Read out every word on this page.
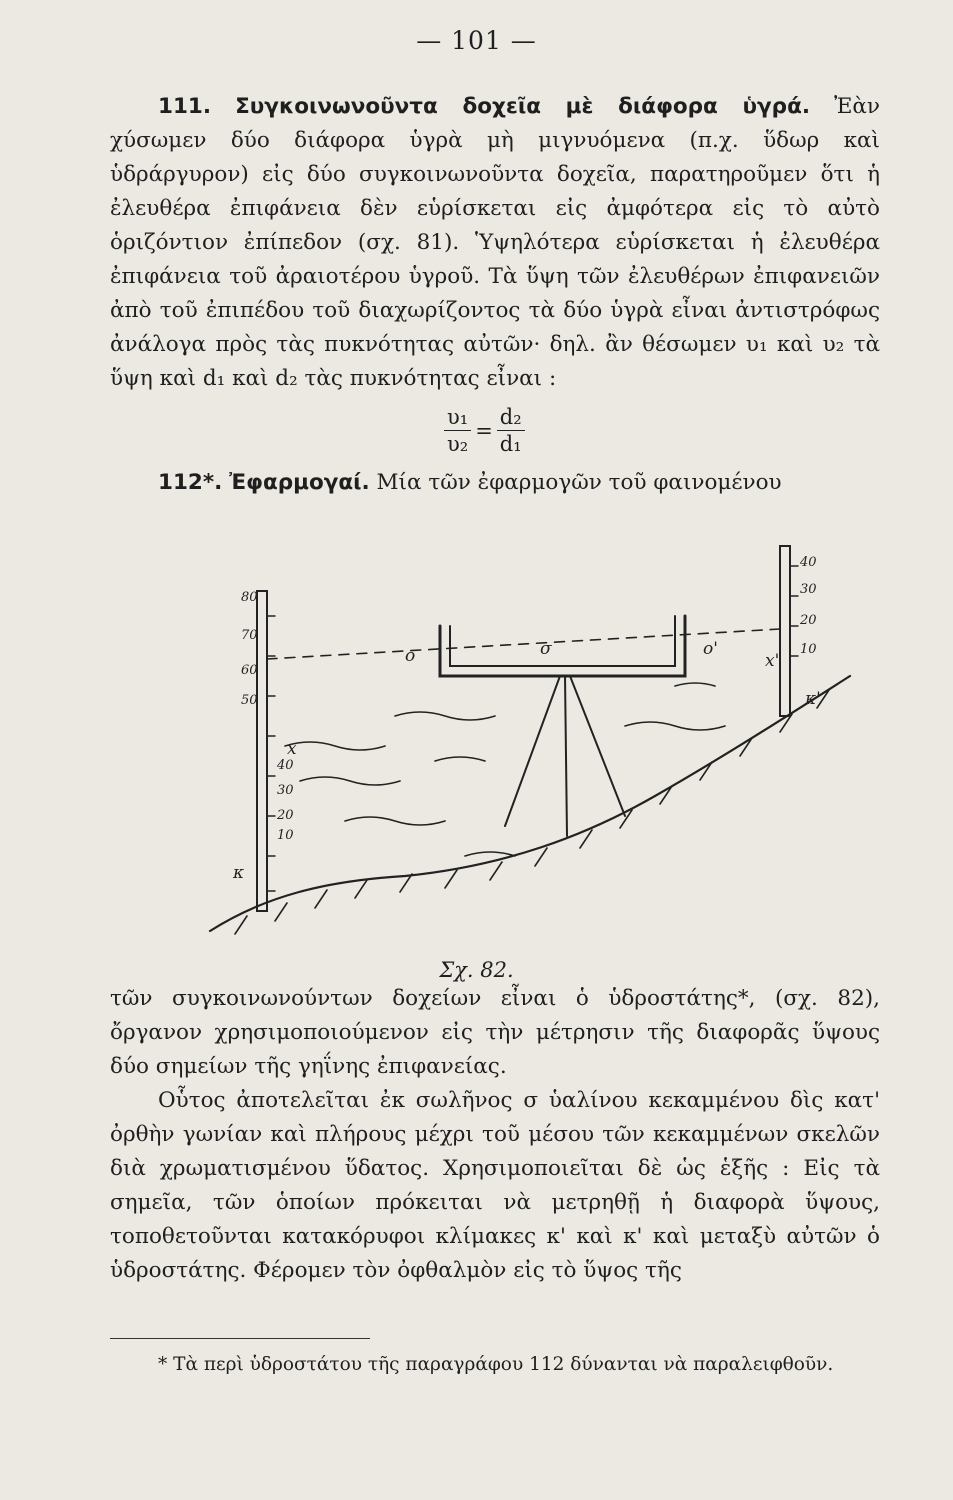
— 101 —
111. Συγκοινωνοῦντα δοχεῖα μὲ διάφορα ὑγρά. Ἐὰν χύσωμεν δύο διάφορα ὑγρὰ μὴ μιγνυόμενα (π.χ. ὕδωρ καὶ ὑδράργυρον) εἰς δύο συγκοινωνοῦντα δοχεῖα, παρατηροῦμεν ὅτι ἡ ἐλευθέρα ἐπιφάνεια δὲν εὑρίσκεται εἰς ἀμφότερα εἰς τὸ αὐτὸ ὁριζόντιον ἐπίπεδον (σχ. 81). Ὑψηλότερα εὑρίσκεται ἡ ἐλευθέρα ἐπιφάνεια τοῦ ἀραιοτέρου ὑγροῦ. Τὰ ὕψη τῶν ἐλευθέρων ἐπιφανειῶν ἀπὸ τοῦ ἐπιπέδου τοῦ διαχωρίζοντος τὰ δύο ὑγρὰ εἶναι ἀντιστρόφως ἀνάλογα πρὸς τὰς πυκνότητας αὐτῶν· δηλ. ἂν θέσωμεν υ₁ καὶ υ₂ τὰ ὕψη καὶ d₁ καὶ d₂ τὰς πυκνότητας εἶναι :
$\frac{\text{υ₁}}{\text{υ₂}} = \frac{\text{d₂}}{\text{d₁}}$
112*. Ἐφαρμογαί. Μία τῶν ἐφαρμογῶν τοῦ φαινομένου
80
70
60
50
40
30
20
10
40
30
20
10
o	σ	o'
x
x'
κ
κ'
Σχ. 82.
τῶν συγκοινωνούντων δοχείων εἶναι ὁ ὑδροστάτης*, (σχ. 82), ὄργανον χρησιμοποιούμενον εἰς τὴν μέτρησιν τῆς διαφορᾶς ὕψους δύο σημείων τῆς γηΐνης ἐπιφανείας.
Οὗτος ἀποτελεῖται ἐκ σωλῆνος σ ὑαλίνου κεκαμμένου δὶς κατ' ὀρθὴν γωνίαν καὶ πλήρους μέχρι τοῦ μέσου τῶν κεκαμμένων σκελῶν διὰ χρωματισμένου ὕδατος. Χρησιμοποιεῖται δὲ ὡς ἑξῆς : Εἰς τὰ σημεῖα, τῶν ὁποίων πρόκειται νὰ μετρηθῇ ἡ διαφορὰ ὕψους, τοποθετοῦνται κατακόρυφοι κλίμακες κ' καὶ κ' καὶ μεταξὺ αὐτῶν ὁ ὑδροστάτης. Φέρομεν τὸν ὀφθαλμὸν εἰς τὸ ὕψος τῆς
* Τὰ περὶ ὑδροστάτου τῆς παραγράφου 112 δύνανται νὰ παραλειφθοῦν.
